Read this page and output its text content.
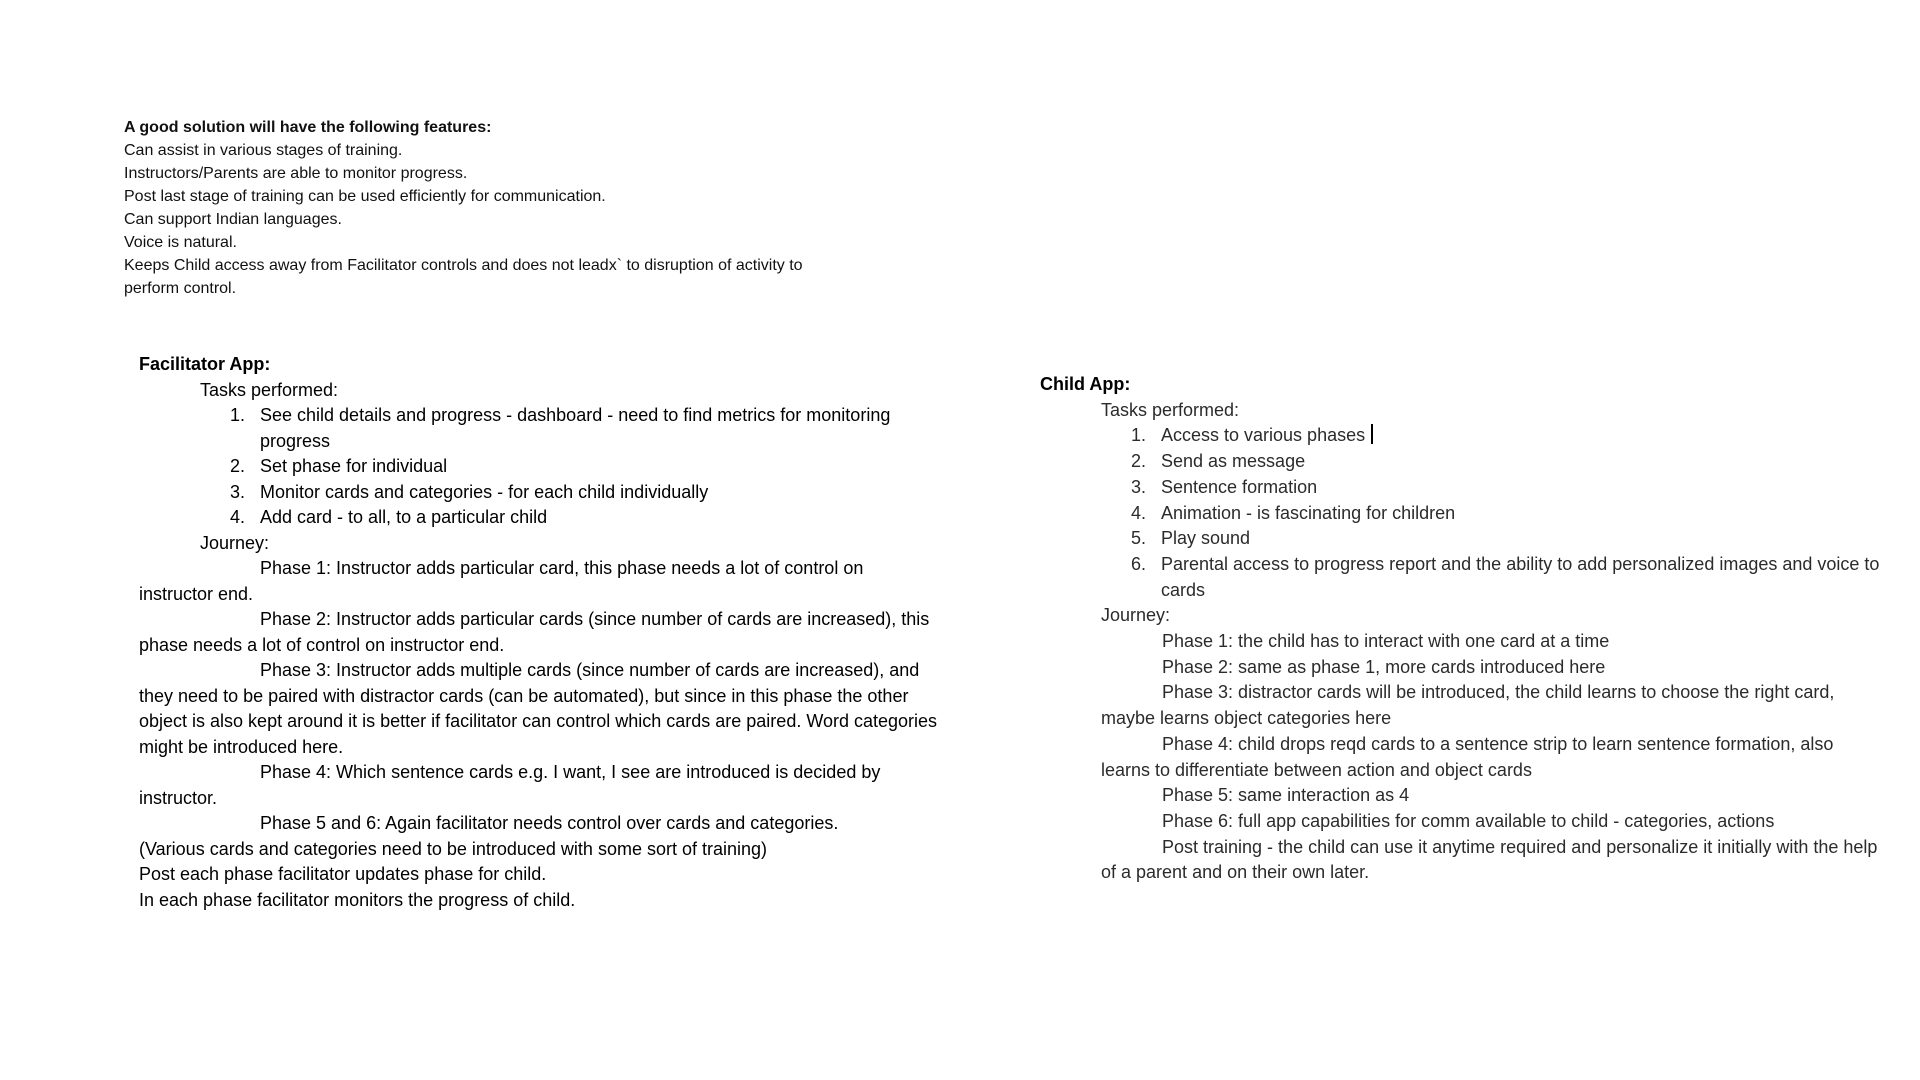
A good solution will have the following features:

Can assist in various stages of training.

Instructors/Parents are able to monitor progress.

Post last stage of training can be used efficiently for communication.

Can support Indian languages.

Voice is natural.

Keeps Child access away from Facilitator controls and does not leadx` to disruption of activity to perform control.

Facilitator App:

Tasks performed:

1. See child details and progress - dashboard - need to find metrics for monitoring progress
2. Set phase for individual
3. Monitor cards and categories - for each child individually
4. Add card - to all, to a particular child

Journey:

Phase 1: Instructor adds particular card, this phase needs a lot of control on instructor end.

Phase 2: Instructor adds particular cards (since number of cards are increased), this phase needs a lot of control on instructor end.

Phase 3: Instructor adds multiple cards (since number of cards are increased), and they need to be paired with distractor cards (can be automated), but since in this phase the other object is also kept around it is better if facilitator can control which cards are paired. Word categories might be introduced here.

Phase 4: Which sentence cards e.g. I want, I see are introduced is decided by instructor.

Phase 5 and 6: Again facilitator needs control over cards and categories.

(Various cards and categories need to be introduced with some sort of training)

Post each phase facilitator updates phase for child.

In each phase facilitator monitors the progress of child.

Child App:

Tasks performed:

1. Access to various phases
2. Send as message
3. Sentence formation
4. Animation - is fascinating for children
5. Play sound
6. Parental access to progress report and the ability to add personalized images and voice to cards

Journey:

Phase 1: the child has to interact with one card at a time

Phase 2: same as phase 1, more cards introduced here

Phase 3: distractor cards will be introduced, the child learns to choose the right card, maybe learns object categories here

Phase 4: child drops reqd cards to a sentence strip to learn sentence formation, also learns to differentiate between action and object cards

Phase 5: same interaction as 4

Phase 6: full app capabilities for comm available to child - categories, actions

Post training - the child can use it anytime required and personalize it initially with the help of a parent and on their own later.
